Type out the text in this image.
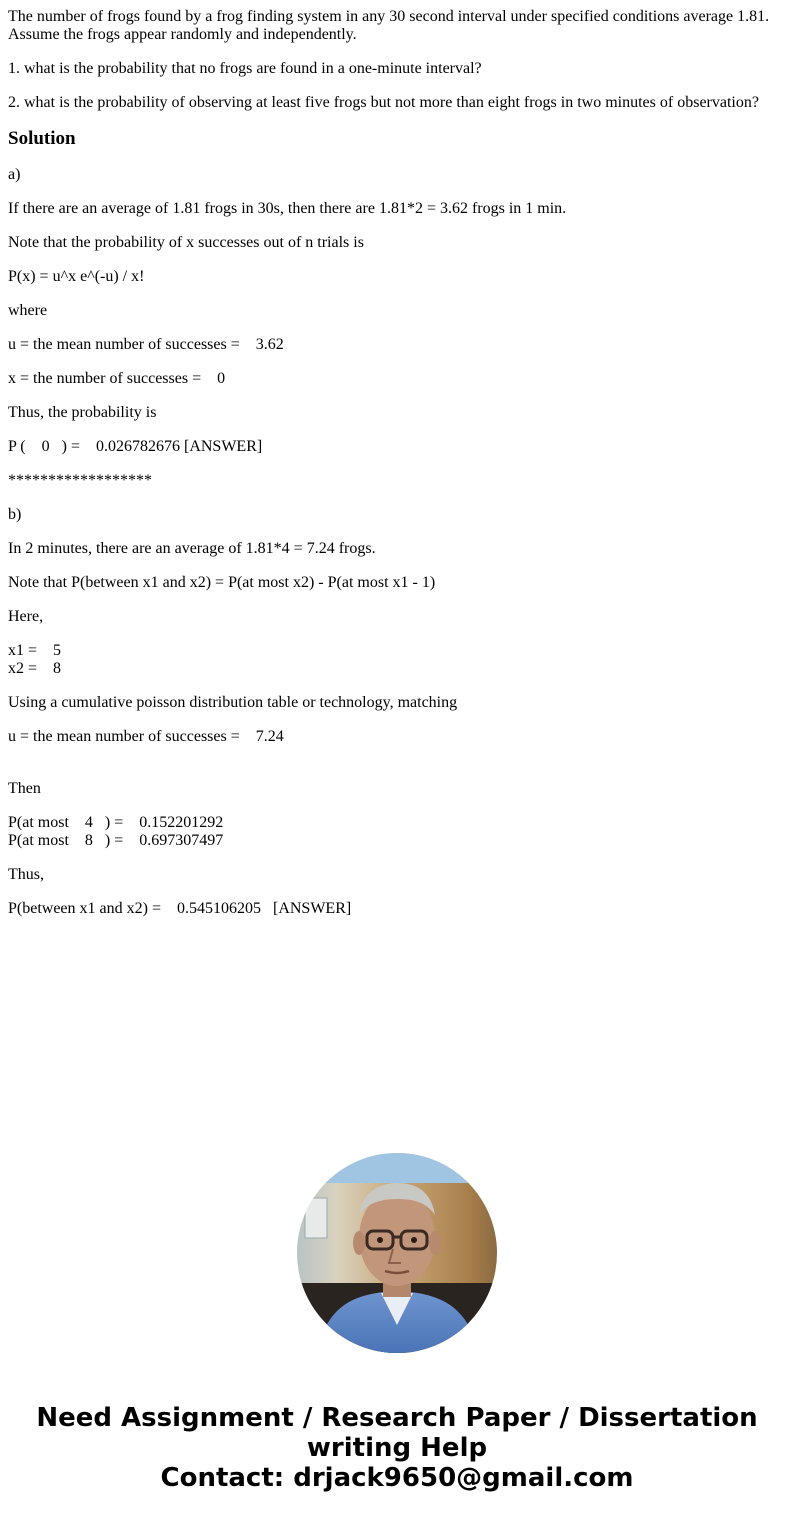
The number of frogs found by a frog finding system in any 30 second interval under specified conditions average 1.81. Assume the frogs appear randomly and independently.

1. what is the probability that no frogs are found in a one-minute interval?

2. what is the probability of observing at least five frogs but not more than eight frogs in two minutes of observation?

Solution

a)

If there are an average of 1.81 frogs in 30s, then there are 1.81*2 = 3.62 frogs in 1 min.

Note that the probability of x successes out of n trials is

P(x) = u^x e^(-u) / x!

where

u = the mean number of successes =    3.62

x = the number of successes =    0

Thus, the probability is

P (    0   ) =    0.026782676 [ANSWER]

******************

b)

In 2 minutes, there are an average of 1.81*4 = 7.24 frogs.

Note that P(between x1 and x2) = P(at most x2) - P(at most x1 - 1)

Here,

x1 =    5
x2 =    8

Using a cumulative poisson distribution table or technology, matching

u = the mean number of successes =    7.24

Then

P(at most    4   ) =    0.152201292
P(at most    8   ) =    0.697307497

Thus,

P(between x1 and x2) =    0.545106205   [ANSWER]

Need Assignment / Research Paper / Dissertation
writing Help
Contact: drjack9650@gmail.com
